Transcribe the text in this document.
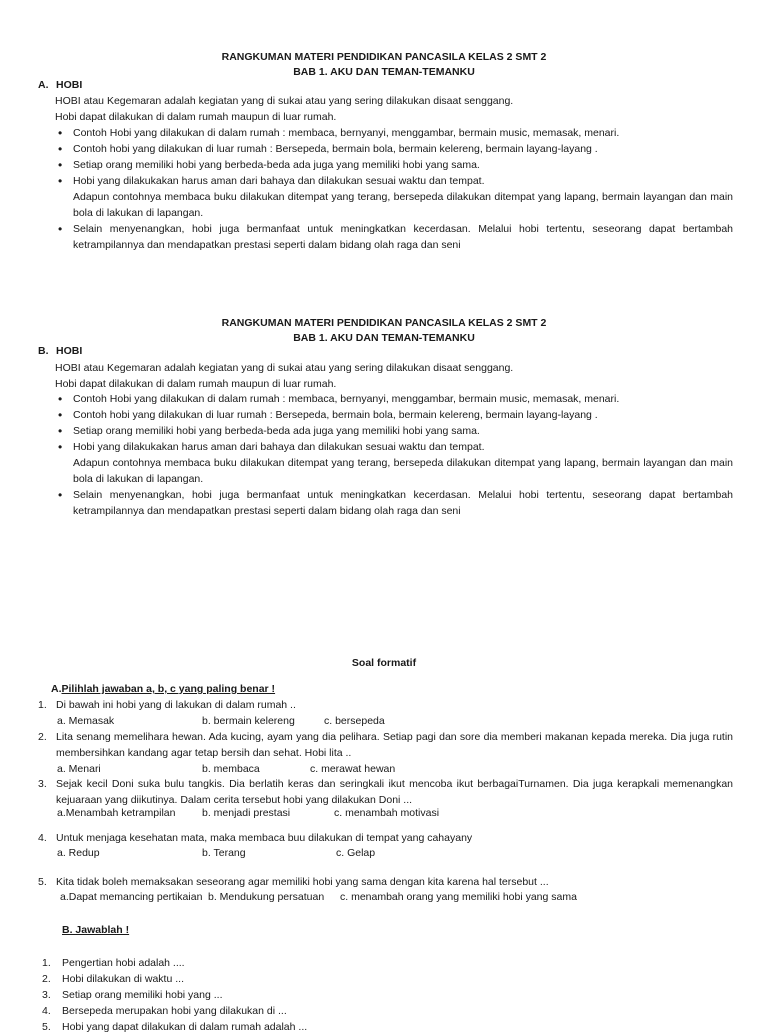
RANGKUMAN MATERI PENDIDIKAN PANCASILA KELAS 2 SMT 2
BAB 1. AKU DAN TEMAN-TEMANKU
A. HOBI

HOBI atau Kegemaran adalah kegiatan yang di sukai atau yang sering dilakukan disaat senggang.

Hobi dapat dilakukan di dalam rumah maupun di luar rumah.

• Contoh Hobi yang dilakukan di dalam rumah : membaca, bernyanyi, menggambar, bermain music, memasak, menari.
• Contoh hobi yang dilakukan di luar rumah : Bersepeda, bermain bola, bermain kelereng, bermain layang-layang .
• Setiap orang memiliki hobi yang berbeda-beda ada juga yang memiliki hobi yang sama.
• Hobi yang dilakukakan harus aman dari bahaya dan dilakukan sesuai waktu dan tempat.
Adapun contohnya membaca buku dilakukan ditempat yang terang, bersepeda dilakukan ditempat yang lapang, bermain layangan dan main bola di lakukan di lapangan.
• Selain menyenangkan, hobi juga bermanfaat untuk meningkatkan kecerdasan. Melalui hobi tertentu, seseorang dapat bertambah ketrampilannya dan mendapatkan prestasi seperti dalam bidang olah raga dan seni
RANGKUMAN MATERI PENDIDIKAN PANCASILA KELAS 2 SMT 2
BAB 1. AKU DAN TEMAN-TEMANKU
B. HOBI

HOBI atau Kegemaran adalah kegiatan yang di sukai atau yang sering dilakukan disaat senggang.

Hobi dapat dilakukan di dalam rumah maupun di luar rumah.

• Contoh Hobi yang dilakukan di dalam rumah : membaca, bernyanyi, menggambar, bermain music, memasak, menari.
• Contoh hobi yang dilakukan di luar rumah : Bersepeda, bermain bola, bermain kelereng, bermain layang-layang .
• Setiap orang memiliki hobi yang berbeda-beda ada juga yang memiliki hobi yang sama.
• Hobi yang dilakukakan harus aman dari bahaya dan dilakukan sesuai waktu dan tempat.
Adapun contohnya membaca buku dilakukan ditempat yang terang, bersepeda dilakukan ditempat yang lapang, bermain layangan dan main bola di lakukan di lapangan.
• Selain menyenangkan, hobi juga bermanfaat untuk meningkatkan kecerdasan. Melalui hobi tertentu, seseorang dapat bertambah ketrampilannya dan mendapatkan prestasi seperti dalam bidang olah raga dan seni
Soal formatif
A.Pilihlah jawaban a, b, c yang paling benar !
1. Di bawah ini hobi yang di lakukan di dalam rumah ..
a. Memasak	b. bermain kelereng	c. bersepeda
2. Lita senang memelihara hewan. Ada kucing, ayam yang dia pelihara. Setiap pagi dan sore dia memberi makanan kepada mereka. Dia juga rutin membersihkan kandang agar tetap bersih dan sehat. Hobi lita ..
a. Menari	b. membaca	c. merawat hewan
3. Sejak kecil Doni suka bulu tangkis. Dia berlatih keras dan seringkali ikut mencoba ikut berbagaiTurnamen. Dia juga kerapkali memenangkan kejuaraan yang diikutinya. Dalam cerita tersebut hobi yang dilakukan Doni ...
a.Menambah ketrampilan	b. menjadi prestasi	c. menambah motivasi
4. Untuk menjaga kesehatan mata, maka membaca buu dilakukan di tempat yang cahayany
a. Redup	b. Terang	c. Gelap
5. Kita tidak boleh memaksakan seseorang agar memiliki hobi yang sama dengan kita karena hal tersebut ...
a.Dapat memancing pertikaian b. Mendukung persatuan c. menambah orang yang memiliki hobi yang sama
B. Jawablah !
1. Pengertian hobi adalah ....
2. Hobi dilakukan di waktu ...
3. Setiap orang memiliki hobi yang ...
4. Bersepeda merupakan hobi yang dilakukan di ...
5. Hobi yang dapat dilakukan di dalam rumah adalah ...
